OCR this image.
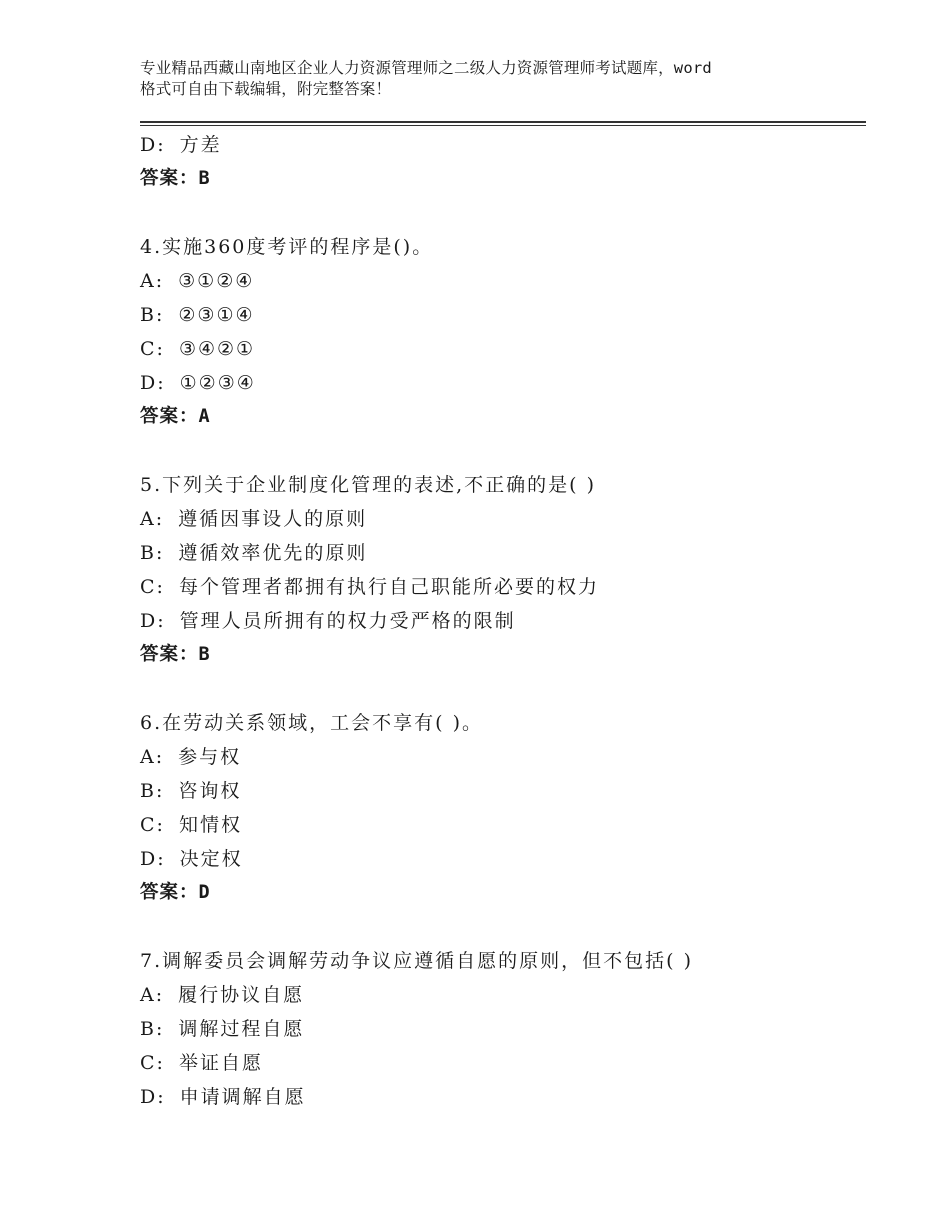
专业精品西藏山南地区企业人力资源管理师之二级人力资源管理师考试题库，word
格式可自由下载编辑，附完整答案！
D: 方差
答案：B
4.实施360度考评的程序是()。
A: ③①②④
B: ②③①④
C: ③④②①
D: ①②③④
答案：A
5.下列关于企业制度化管理的表述,不正确的是( )
A: 遵循因事设人的原则
B: 遵循效率优先的原则
C: 每个管理者都拥有执行自己职能所必要的权力
D: 管理人员所拥有的权力受严格的限制
答案：B
6.在劳动关系领域，工会不享有( )。
A: 参与权
B: 咨询权
C: 知情权
D: 决定权
答案：D
7.调解委员会调解劳动争议应遵循自愿的原则，但不包括( )
A: 履行协议自愿
B: 调解过程自愿
C: 举证自愿
D: 申请调解自愿
